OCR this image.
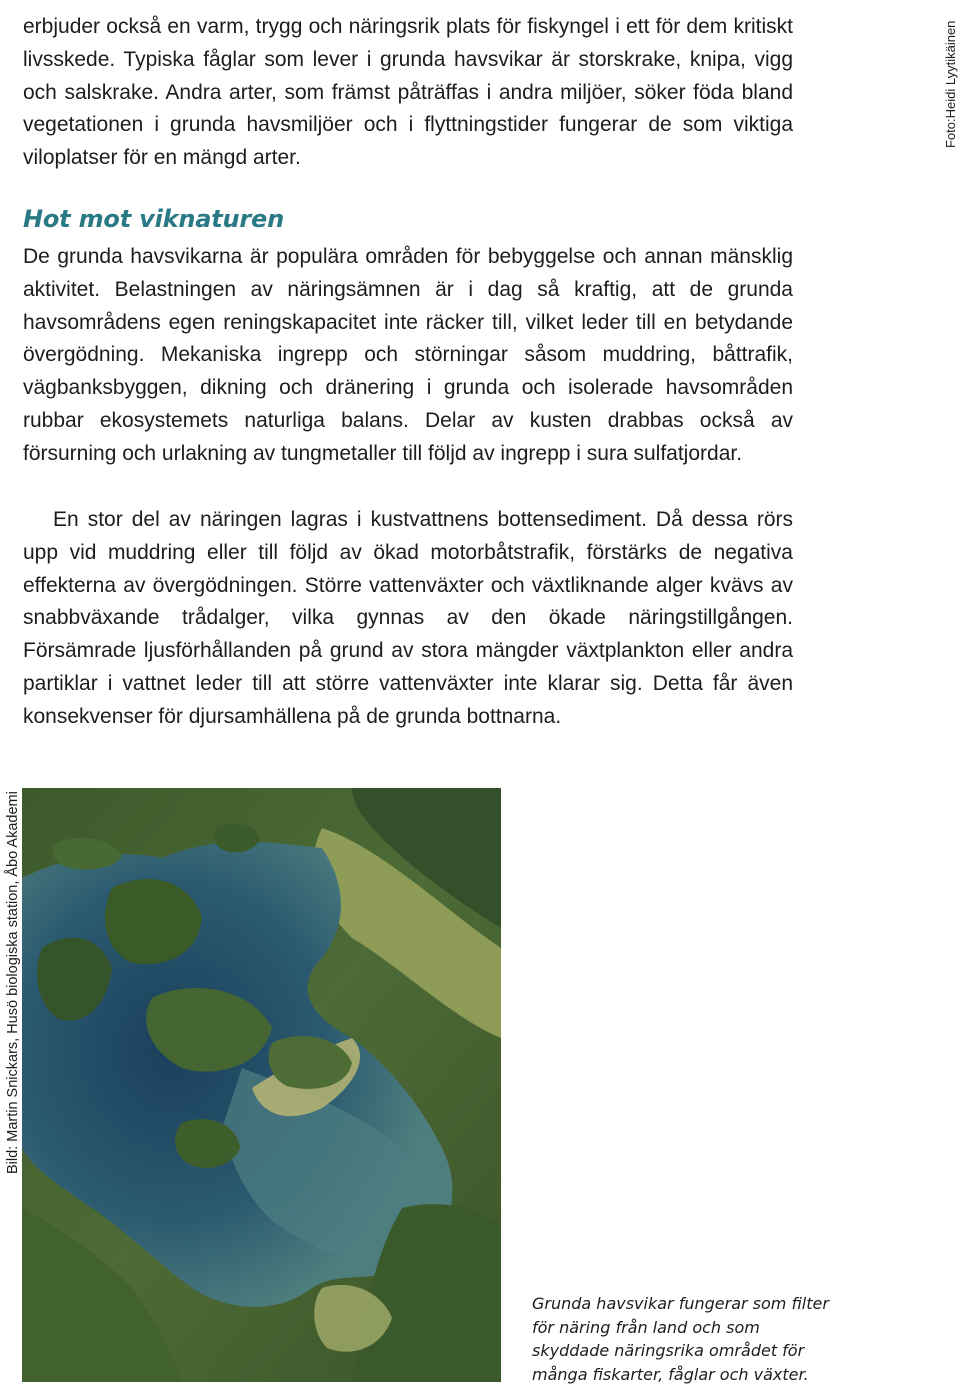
erbjuder också en varm, trygg och näringsrik plats för fiskyngel i ett för dem kritiskt livsskede. Typiska fåglar som lever i grunda havsvikar är storskrake, knipa, vigg och salskrake. Andra arter, som främst påträffas i andra miljöer, söker föda bland vegetationen i grunda havsmiljöer och i flyttningstider fungerar de som viktiga viloplatser för en mängd arter.

Foto:Heidi Lyytikäinen
Hot mot viknaturen

De grunda havsvikarna är populära områden för bebyggelse och annan mänsklig aktivitet. Belastningen av näringsämnen är i dag så kraftig, att de grunda havsområdens egen reningskapacitet inte räcker till, vilket leder till en betydande övergödning. Mekaniska ingrepp och störningar såsom muddring, båttrafik, vägbanksbyggen, dikning och dränering i grunda och isolerade havsområden rubbar ekosystemets naturliga balans. Delar av kusten drabbas också av försurning och urlakning av tungmetaller till följd av ingrepp i sura sulfatjordar.

En stor del av näringen lagras i kustvattnens bottensediment. Då dessa rörs upp vid muddring eller till följd av ökad motorbåtstrafik, förstärks de negativa effekterna av övergödningen. Större vattenväxter och växtliknande alger kvävs av snabbväxande trådalger, vilka gynnas av den ökade näringstillgången. Försämrade ljusförhållanden på grund av stora mängder växtplankton eller andra partiklar i vattnet leder till att större vattenväxter inte klarar sig. Detta får även konsekvenser för djursamhällena på de grunda bottnarna.

Bild: Martin Snickars, Husö biologiska station, Åbo Akademi

Grunda havsvikar fungerar som filter för näring från land och som skyddade näringsrika området för många fiskarter, fåglar och växter.
